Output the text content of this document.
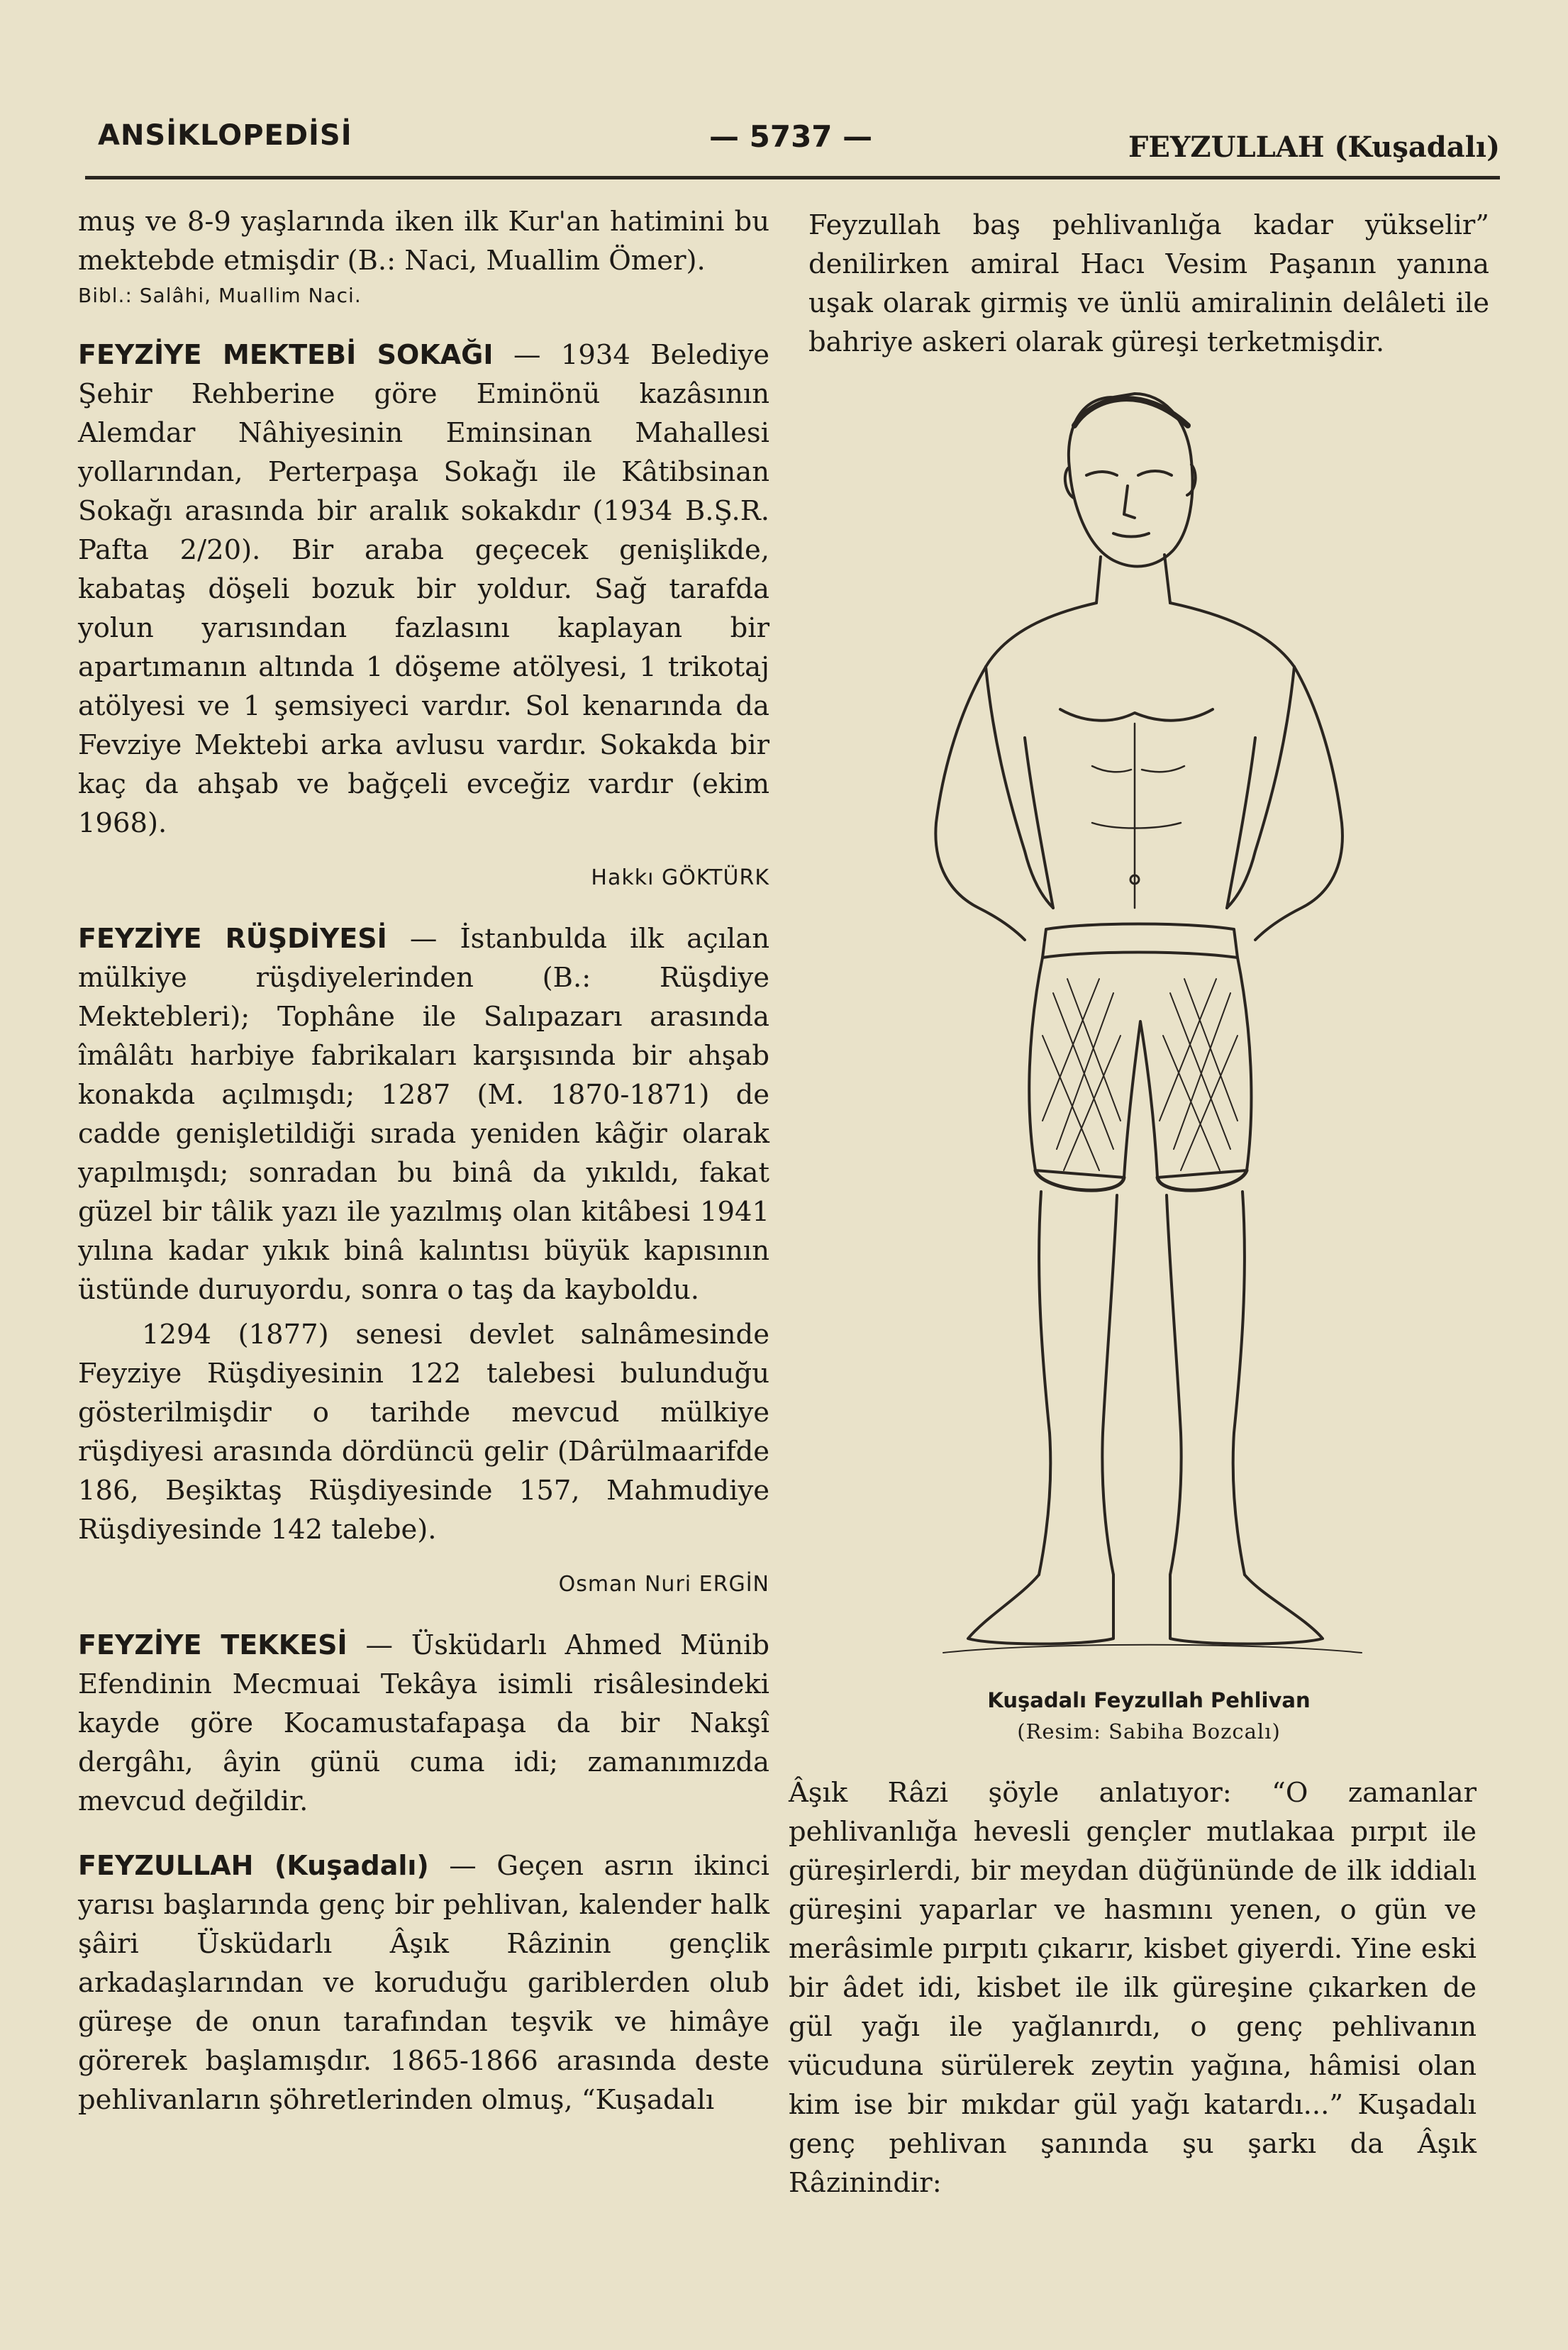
ANSİKLOPEDİSİ	— 5737 —	FEYZULLAH (Kuşadalı)

muş ve 8-9 yaşlarında iken ilk Kur'an hatimini bu mektebde etmişdir (B.: Naci, Muallim Ömer).

Bibl.: Salâhi, Muallim Naci.

FEYZİYE MEKTEBİ SOKAĞI — 1934 Belediye Şehir Rehberine göre Eminönü kazâsının Alemdar Nâhiyesinin Eminsinan Mahallesi yollarından, Perterpaşa Sokağı ile Kâtibsinan Sokağı arasında bir aralık sokakdır (1934 B.Ş.R. Pafta 2/20). Bir araba geçecek genişlikde, kabataş döşeli bozuk bir yoldur. Sağ tarafda yolun yarısından fazlasını kaplayan bir apartımanın altında 1 döşeme atölyesi, 1 trikotaj atölyesi ve 1 şemsiyeci vardır. Sol kenarında da Fevziye Mektebi arka avlusu vardır. Sokakda bir kaç da ahşab ve bağçeli evceğiz vardır (ekim 1968).

Hakkı GÖKTÜRK

FEYZİYE RÜŞDİYESİ — İstanbulda ilk açılan mülkiye rüşdiyelerinden (B.: Rüşdiye Mektebleri); Tophâne ile Salıpazarı arasında îmâlâtı harbiye fabrikaları karşısında bir ahşab konakda açılmışdı; 1287 (M. 1870-1871) de cadde genişletildiği sırada yeniden kâğir olarak yapılmışdı; sonradan bu binâ da yıkıldı, fakat güzel bir tâlik yazı ile yazılmış olan kitâbesi 1941 yılına kadar yıkık binâ kalıntısı büyük kapısının üstünde duruyordu, sonra o taş da kayboldu.

1294 (1877) senesi devlet salnâmesinde Feyziye Rüşdiyesinin 122 talebesi bulunduğu gösterilmişdir o tarihde mevcud mülkiye rüşdiyesi arasında dördüncü gelir (Dârülmaarifde 186, Beşiktaş Rüşdiyesinde 157, Mahmudiye Rüşdiyesinde 142 talebe).

Osman Nuri ERGİN

FEYZİYE TEKKESİ — Üsküdarlı Ahmed Münib Efendinin Mecmuai Tekâya isimli risâlesindeki kayde göre Kocamustafapaşa da bir Nakşî dergâhı, âyin günü cuma idi; zamanımızda mevcud değildir.

FEYZULLAH (Kuşadalı) — Geçen asrın ikinci yarısı başlarında genç bir pehlivan, kalender halk şâiri Üsküdarlı Âşık Râzinin gençlik arkadaşlarından ve koruduğu gariblerden olub güreşe de onun tarafından teşvik ve himâye görerek başlamışdır. 1865-1866 arasında deste pehlivanların şöhretlerinden olmuş, “Kuşadalı

Feyzullah baş pehlivanlığa kadar yükselir” denilirken amiral Hacı Vesim Paşanın yanına uşak olarak girmiş ve ünlü amiralinin delâleti ile bahriye askeri olarak güreşi terketmişdir.

Kuşadalı Feyzullah Pehlivan
(Resim: Sabiha Bozcalı)

Âşık Râzi şöyle anlatıyor: “O zamanlar pehlivanlığa hevesli gençler mutlakaa pırpıt ile güreşirlerdi, bir meydan düğününde de ilk iddialı güreşini yaparlar ve hasmını yenen, o gün ve merâsimle pırpıtı çıkarır, kisbet giyerdi. Yine eski bir âdet idi, kisbet ile ilk güreşine çıkarken de gül yağı ile yağlanırdı, o genç pehlivanın vücuduna sürülerek zeytin yağına, hâmisi olan kim ise bir mıkdar gül yağı katardı...” Kuşadalı genç pehlivan şanında şu şarkı da Âşık Râzinindir:
